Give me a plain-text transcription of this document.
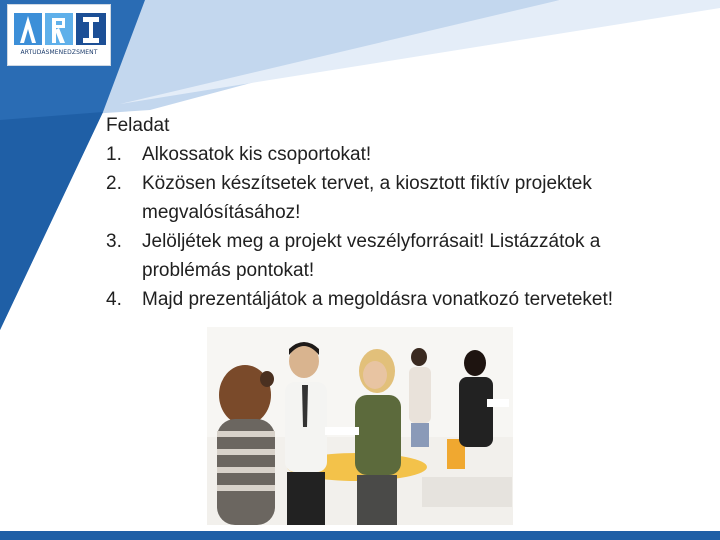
ARTUDÁSMENEDZSMENT
Feladat
1. Alkossatok kis csoportokat!
2. Közösen készítsetek tervet, a kiosztott fiktív projektek megvalósításához!
3. Jelöljétek meg a projekt veszélyforrásait! Listázzátok a problémás pontokat!
4. Majd prezentáljátok a megoldásra vonatkozó terveteket!
